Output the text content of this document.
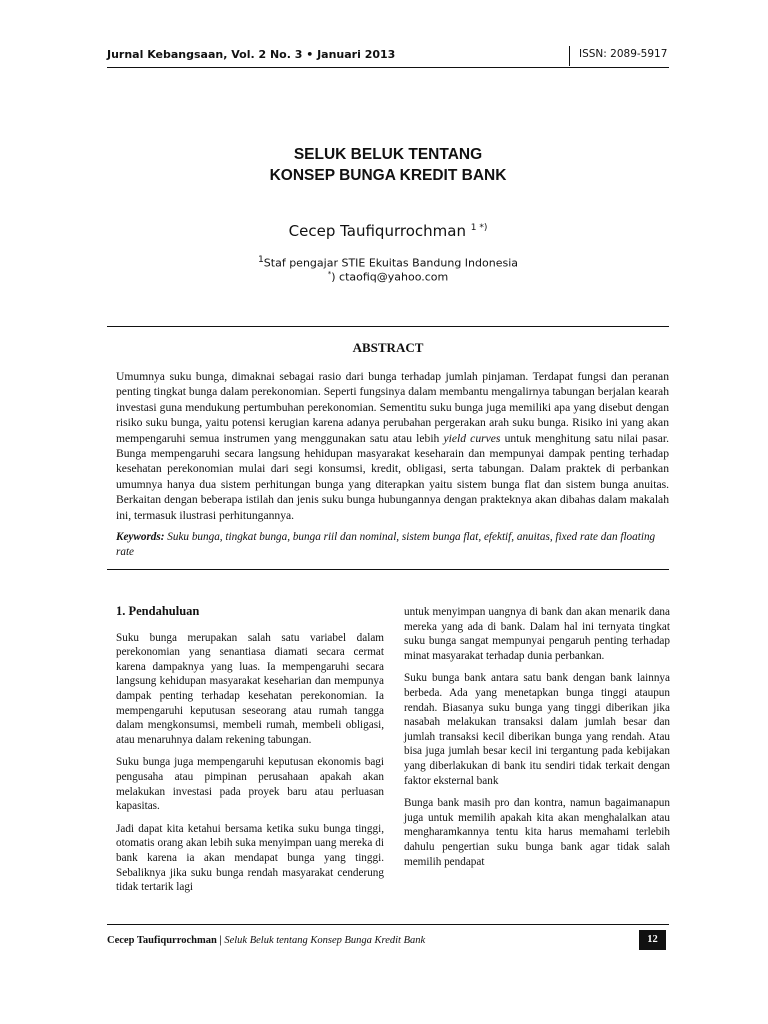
Jurnal Kebangsaan, Vol. 2 No. 3 • Januari 2013	ISSN: 2089-5917
SELUK BELUK TENTANG
KONSEP BUNGA KREDIT BANK
Cecep Taufiqurrochman $^{1 *)}$
$^1$Staf pengajar STIE Ekuitas Bandung Indonesia
*) ctaofiq@yahoo.com
ABSTRACT
Umumnya suku bunga, dimaknai sebagai rasio dari bunga terhadap jumlah pinjaman. Terdapat fungsi dan peranan penting tingkat bunga dalam perekonomian. Seperti fungsinya dalam membantu mengalirnya tabungan berjalan kearah investasi guna mendukung pertumbuhan perekonomian. Sementitu suku bunga juga memiliki apa yang disebut dengan risiko suku bunga, yaitu potensi kerugian karena adanya perubahan pergerakan arah suku bunga. Risiko ini yang akan mempengaruhi semua instrumen yang menggunakan satu atau lebih yield curves untuk menghitung satu nilai pasar. Bunga mempengaruhi secara langsung hehidupan masyarakat keseharain dan mempunyai dampak penting terhadap kesehatan perekonomian mulai dari segi konsumsi, kredit, obligasi, serta tabungan. Dalam praktek di perbankan umumnya hanya dua sistem perhitungan bunga yang diterapkan yaitu sistem bunga flat dan sistem bunga anuitas. Berkaitan dengan beberapa istilah dan jenis suku bunga hubungannya dengan prakteknya akan dibahas dalam makalah ini, termasuk ilustrasi perhitungannya.
Keywords: Suku bunga, tingkat bunga, bunga riil dan nominal, sistem bunga flat, efektif, anuitas, fixed rate dan floating rate

1. Pendahuluan

Suku bunga merupakan salah satu variabel dalam perekonomian yang senantiasa diamati secara cermat karena dampaknya yang luas. Ia mempengaruhi secara langsung kehidupan masyarakat keseharian dan mempunya dampak penting terhadap kesehatan perekonomian. Ia mempengaruhi keputusan seseorang atau rumah tangga dalam mengkonsumsi, membeli rumah, membeli obligasi, atau menaruhnya dalam rekening tabungan.

Suku bunga juga mempengaruhi keputusan ekonomis bagi pengusaha atau pimpinan perusahaan apakah akan melakukan investasi pada proyek baru atau perluasan kapasitas.

Jadi dapat kita ketahui bersama ketika suku bunga tinggi, otomatis orang akan lebih suka menyimpan uang mereka di bank karena ia akan mendapat bunga yang tinggi. Sebaliknya jika suku bunga rendah masyarakat cenderung tidak tertarik lagi

untuk menyimpan uangnya di bank dan akan menarik dana mereka yang ada di bank. Dalam hal ini ternyata tingkat suku bunga sangat mempunyai pengaruh penting terhadap minat masyarakat terhadap dunia perbankan.

Suku bunga bank antara satu bank dengan bank lainnya berbeda. Ada yang menetapkan bunga tinggi ataupun rendah. Biasanya suku bunga yang tinggi diberikan jika nasabah melakukan transaksi dalam jumlah besar dan jumlah transaksi kecil diberikan bunga yang rendah. Atau bisa juga jumlah besar kecil ini tergantung pada kebijakan yang diberlakukan di bank itu sendiri tidak terkait dengan faktor eksternal bank

Bunga bank masih pro dan kontra, namun bagaimanapun juga untuk memilih apakah kita akan menghalalkan atau mengharamkannya tentu kita harus memahami terlebih dahulu pengertian suku bunga bank agar tidak salah memilih pendapat

Cecep Taufiqurrochman | Seluk Beluk tentang Konsep Bunga Kredit Bank	12
